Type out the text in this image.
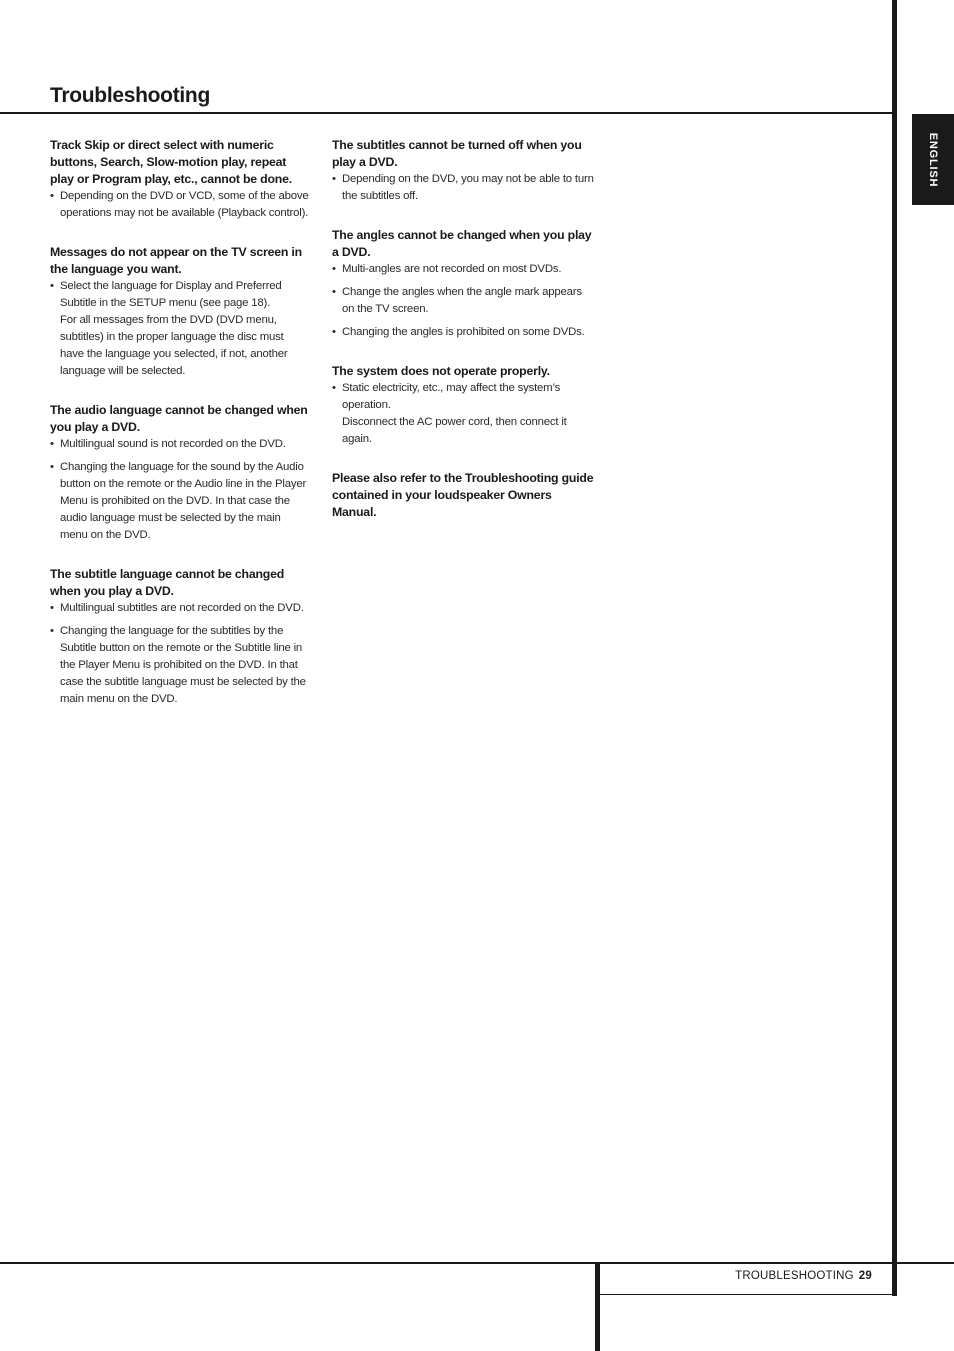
Troubleshooting
ENGLISH
Track Skip or direct select with numeric buttons, Search, Slow-motion play, repeat play or Program play, etc., cannot be done.

• Depending on the DVD or VCD, some of the above operations may not be available (Playback control).

Messages do not appear on the TV screen in the language you want.

• Select the language for Display and Preferred Subtitle in the SETUP menu (see page 18).
For all messages from the DVD (DVD menu, subtitles) in the proper language the disc must have the language you selected, if not, another language will be selected.

The audio language cannot be changed when you play a DVD.

• Multilingual sound is not recorded on the DVD.

• Changing the language for the sound by the Audio button on the remote or the Audio line in the Player Menu is prohibited on the DVD. In that case the audio language must be selected by the main menu on the DVD.

The subtitle language cannot be changed when you play a DVD.

• Multilingual subtitles are not recorded on the DVD.

• Changing the language for the subtitles by the Subtitle button on the remote or the Subtitle line in the Player Menu is prohibited on the DVD. In that case the subtitle language must be selected by the main menu on the DVD.

The subtitles cannot be turned off when you play a DVD.

• Depending on the DVD, you may not be able to turn the subtitles off.

The angles cannot be changed when you play a DVD.

• Multi-angles are not recorded on most DVDs.

• Change the angles when the angle mark appears on the TV screen.

• Changing the angles is prohibited on some DVDs.

The system does not operate properly.

• Static electricity, etc., may affect the system’s operation.
Disconnect the AC power cord, then connect it again.

Please also refer to the Troubleshooting guide contained in your loudspeaker Owners Manual.

TROUBLESHOOTING 29
